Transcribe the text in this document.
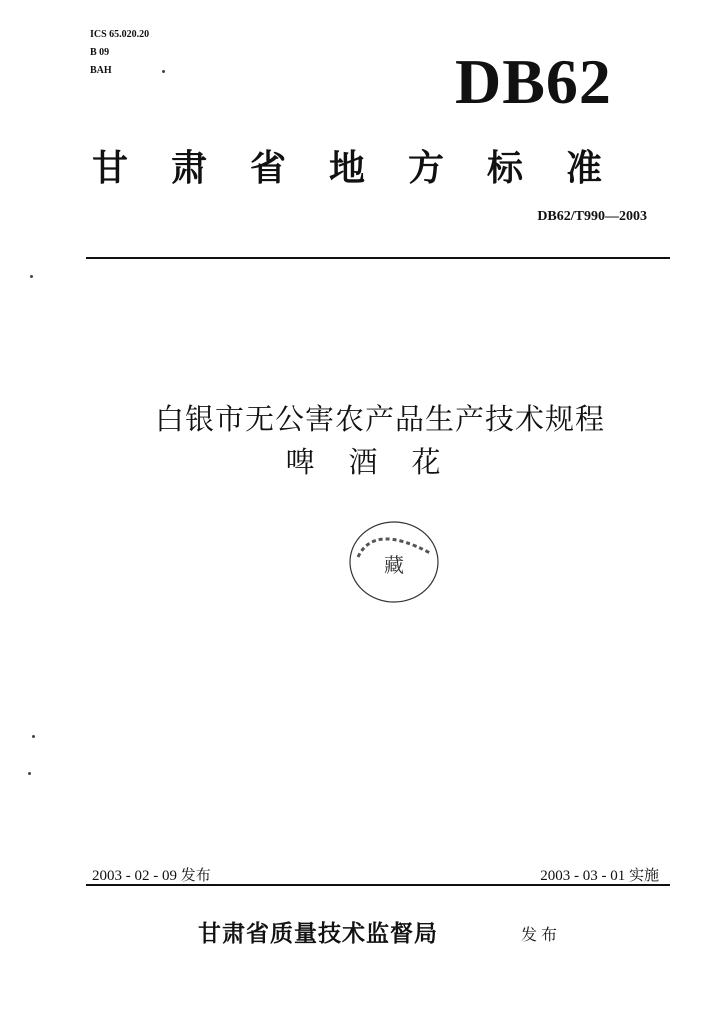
ICS 65.020.20
B 09
BAH	DB62
甘肃省地方标准
DB62/T990—2003
白银市无公害农产品生产技术规程
啤酒花
藏
2003 - 02 - 09 发布	2003 - 03 - 01 实施
甘肃省质量技术监督局	发布
